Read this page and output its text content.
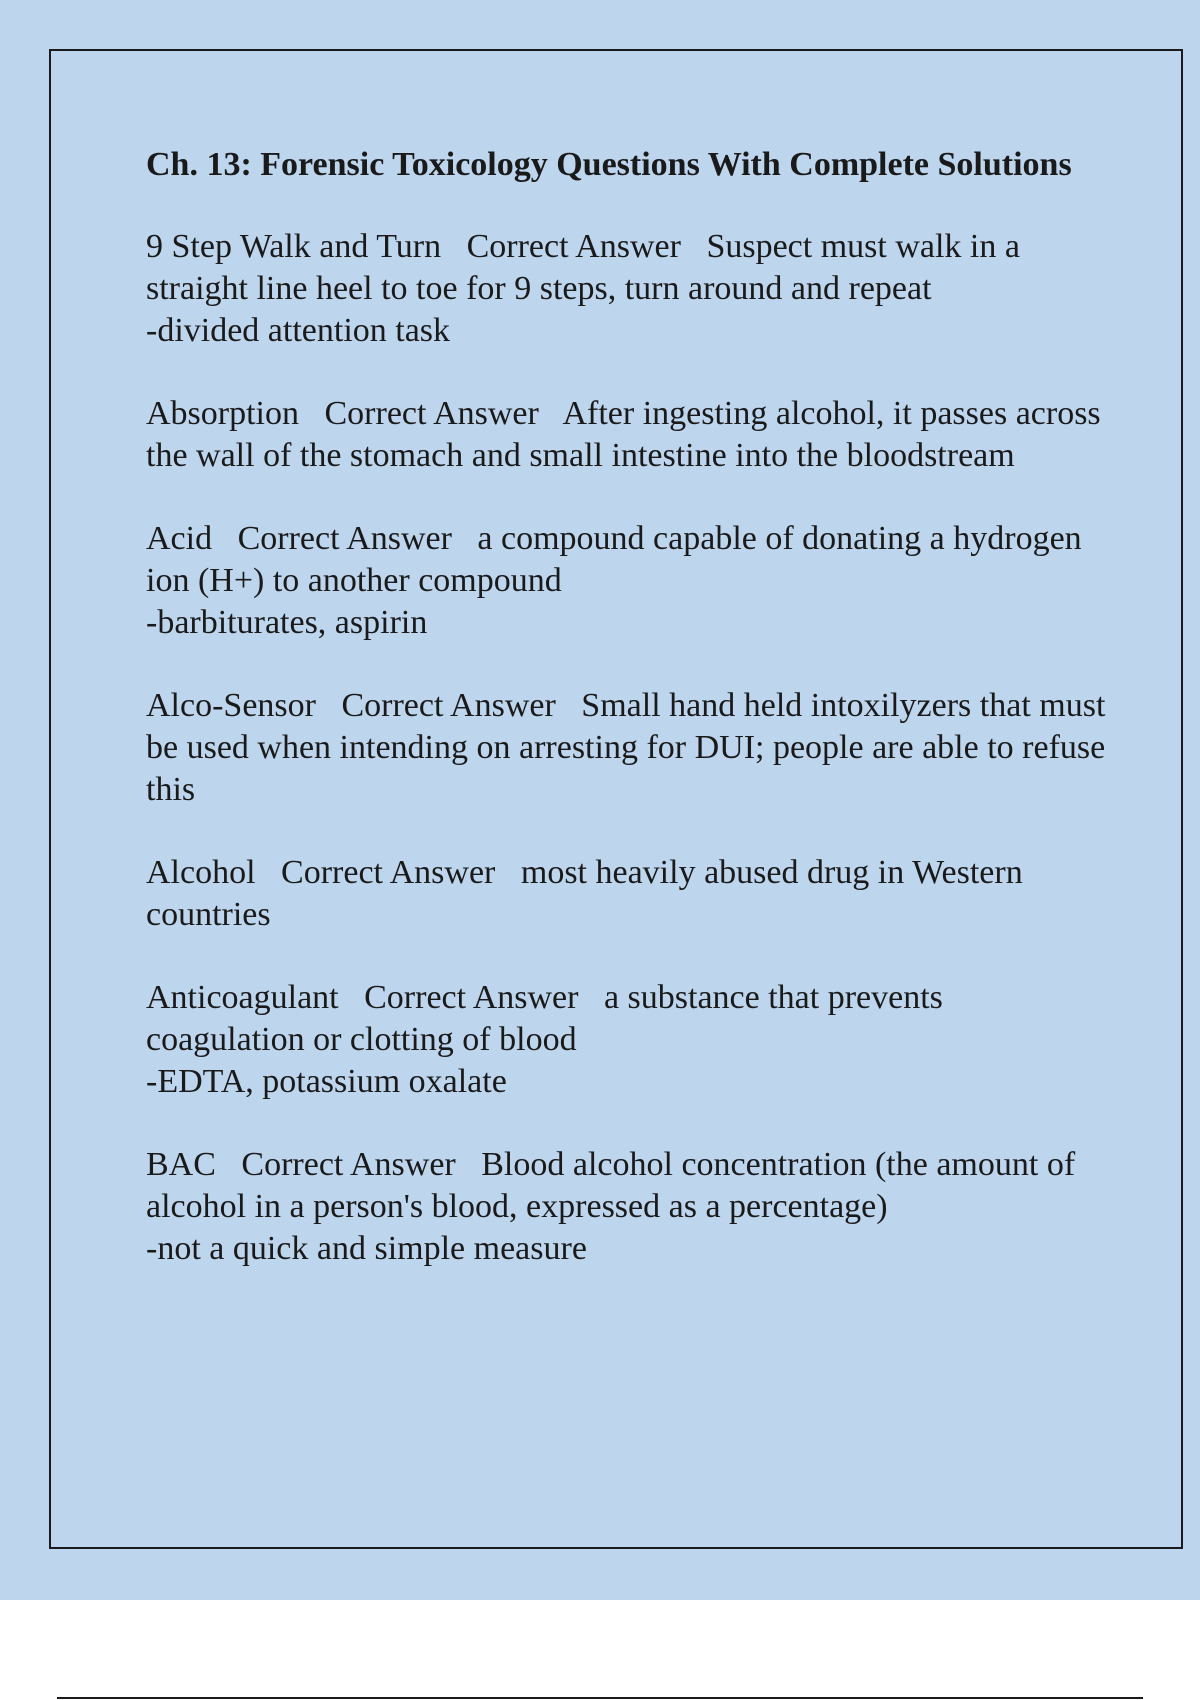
Ch. 13: Forensic Toxicology Questions With Complete Solutions
9 Step Walk and Turn Correct Answer Suspect must walk in a straight line heel to toe for 9 steps, turn around and repeat
-divided attention task
Absorption Correct Answer After ingesting alcohol, it passes across the wall of the stomach and small intestine into the bloodstream
Acid Correct Answer a compound capable of donating a hydrogen ion (H+) to another compound
-barbiturates, aspirin
Alco-Sensor Correct Answer Small hand held intoxilyzers that must be used when intending on arresting for DUI; people are able to refuse this
Alcohol Correct Answer most heavily abused drug in Western countries
Anticoagulant Correct Answer a substance that prevents coagulation or clotting of blood
-EDTA, potassium oxalate
BAC Correct Answer Blood alcohol concentration (the amount of alcohol in a person's blood, expressed as a percentage)
-not a quick and simple measure
